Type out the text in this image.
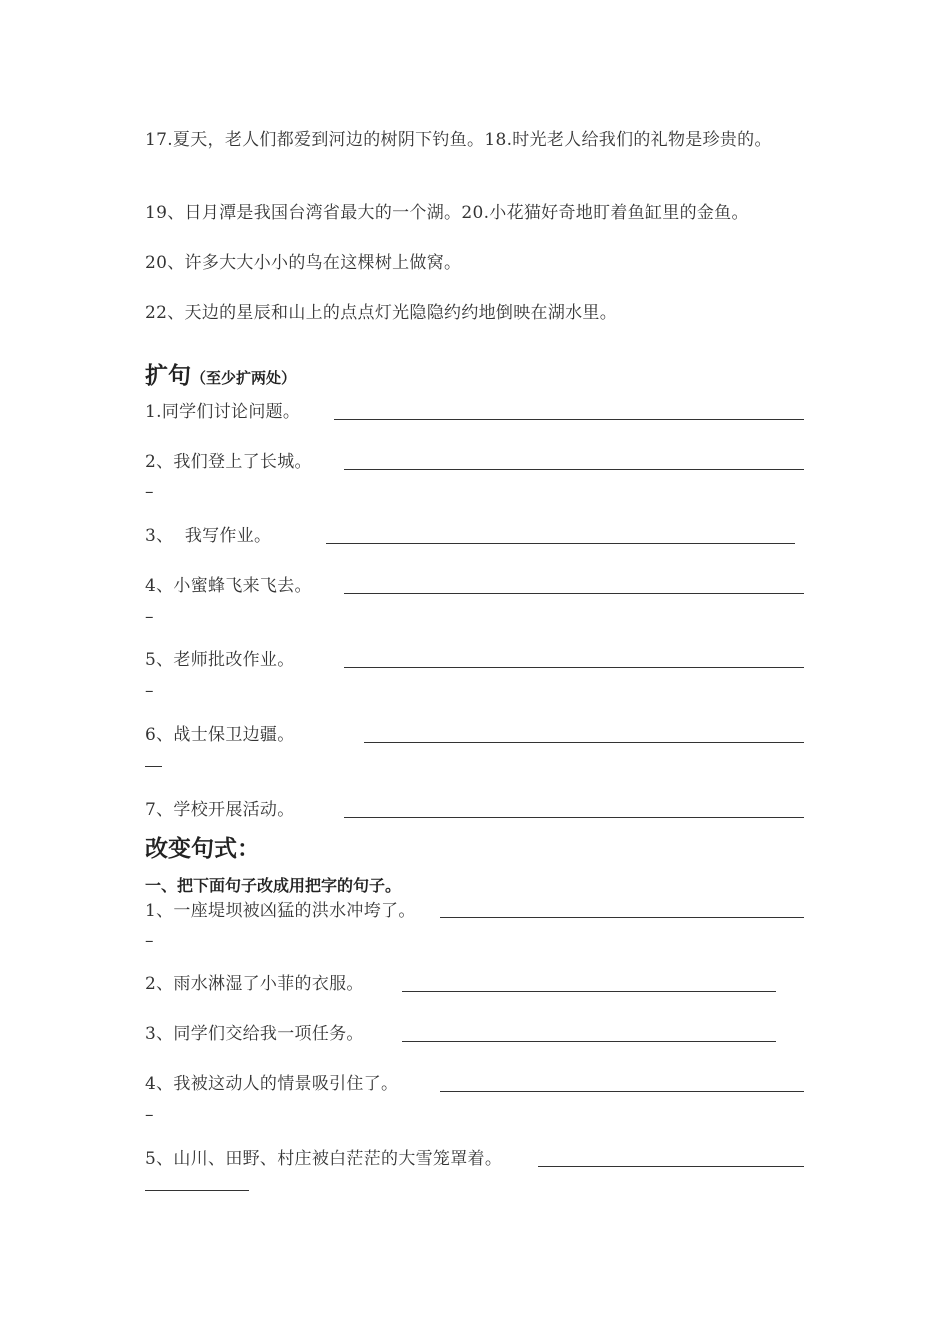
17.夏天，老人们都爱到河边的树阴下钓鱼。18.时光老人给我们的礼物是珍贵的。
19、日月潭是我国台湾省最大的一个湖。20.小花猫好奇地盯着鱼缸里的金鱼。
20、许多大大小小的鸟在这棵树上做窝。
22、天边的星辰和山上的点点灯光隐隐约约地倒映在湖水里。
扩句（至少扩两处）
1.同学们讨论问题。
2、我们登上了长城。
–
3、  我写作业。
4、小蜜蜂飞来飞去。
–
5、老师批改作业。
–
6、战士保卫边疆。
7、学校开展活动。
改变句式：
一、把下面句子改成用把字的句子。
1、一座堤坝被凶猛的洪水冲垮了。
–
2、雨水淋湿了小菲的衣服。
3、同学们交给我一项任务。
4、我被这动人的情景吸引住了。
–
5、山川、田野、村庄被白茫茫的大雪笼罩着。
